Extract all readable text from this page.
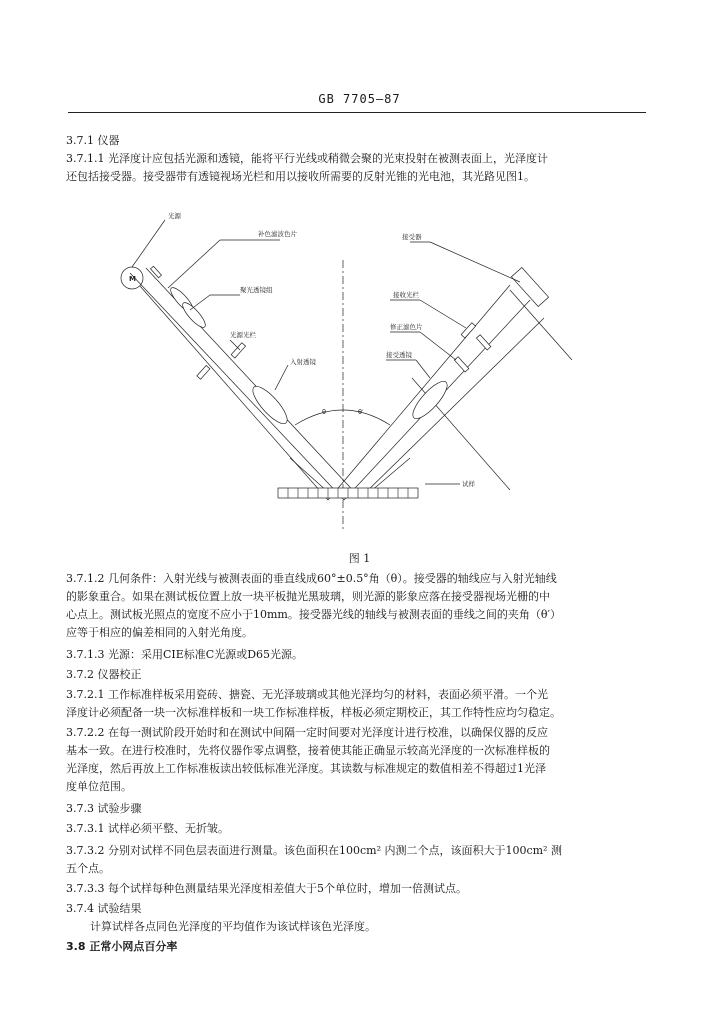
GB 7705—87
3.7.1 仪器
3.7.1.1 光泽度计应包括光源和透镜，能将平行光线或稍微会聚的光束投射在被测表面上，光泽度计
还包括接受器。接受器带有透镜视场光栏和用以接收所需要的反射光锥的光电池，其光路见图1。
光源
M
补色滤波色片
聚光透镜组
光源光栏
入射透镜
接受器
接收光栏
修正滤色片
接受透镜
试样
θ	θ′
图 1
3.7.1.2 几何条件：入射光线与被测表面的垂直线成60°±0.5°角（θ）。接受器的轴线应与入射光轴线
的影象重合。如果在测试板位置上放一块平板抛光黑玻璃，则光源的影象应落在接受器视场光栅的中
心点上。测试板光照点的宽度不应小于10mm。接受器光线的轴线与被测表面的垂线之间的夹角（θ′）
应等于相应的偏差相同的入射光角度。
3.7.1.3 光源：采用CIE标准C光源或D65光源。
3.7.2 仪器校正
3.7.2.1 工作标准样板采用瓷砖、搪瓷、无光泽玻璃或其他光泽均匀的材料，表面必须平滑。一个光
泽度计必须配备一块一次标准样板和一块工作标准样板，样板必须定期校正，其工作特性应均匀稳定。
3.7.2.2 在每一测试阶段开始时和在测试中间隔一定时间要对光泽度计进行校准，以确保仪器的反应
基本一致。在进行校准时，先将仪器作零点调整，接着使其能正确显示较高光泽度的一次标准样板的
光泽度，然后再放上工作标准板读出较低标准光泽度。其读数与标准规定的数值相差不得超过1光泽
度单位范围。
3.7.3 试验步骤
3.7.3.1 试样必须平整、无折皱。
3.7.3.2 分别对试样不同色层表面进行测量。该色面积在100cm² 内测二个点，该面积大于100cm² 测
五个点。
3.7.3.3 每个试样每种色测量结果光泽度相差值大于5个单位时，增加一倍测试点。
3.7.4 试验结果
计算试样各点同色光泽度的平均值作为该试样该色光泽度。
3.8 正常小网点百分率
